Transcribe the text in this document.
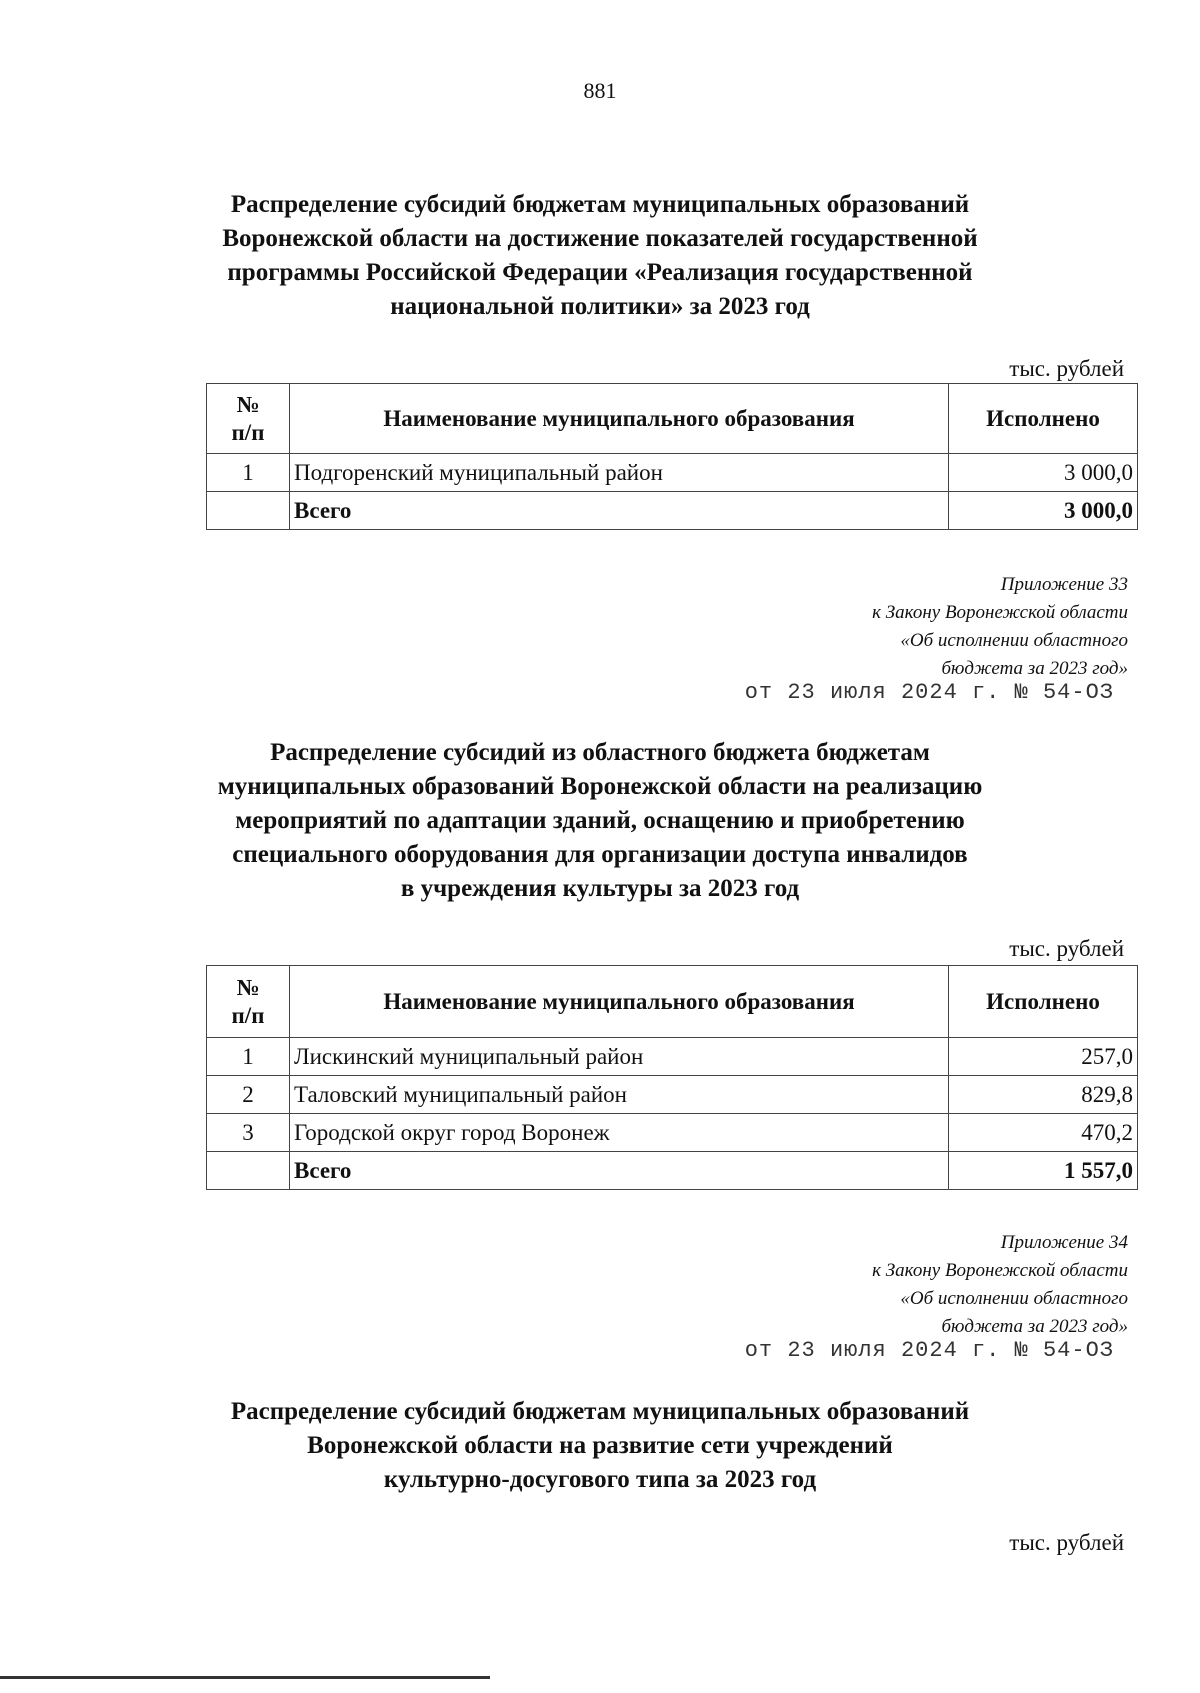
881
Распределение субсидий бюджетам муниципальных образований
Воронежской области на достижение показателей государственной
программы Российской Федерации «Реализация государственной
национальной политики» за 2023 год
тыс. рублей
№
п/п	Наименование муниципального образования	Исполнено
1	Подгоренский муниципальный район	3 000,0
	Всего	3 000,0
Приложение 33
к Закону Воронежской области
«Об исполнении областного
бюджета за 2023 год»
от 23 июля 2024 г. № 54-ОЗ
Распределение субсидий из областного бюджета бюджетам
муниципальных образований Воронежской области на реализацию
мероприятий по адаптации зданий, оснащению и приобретению
специального оборудования для организации доступа инвалидов
в учреждения культуры за 2023 год
тыс. рублей
№
п/п	Наименование муниципального образования	Исполнено
1	Лискинский муниципальный район	257,0
2	Таловский муниципальный район	829,8
3	Городской округ город Воронеж	470,2
	Всего	1 557,0
Приложение 34
к Закону Воронежской области
«Об исполнении областного
бюджета за 2023 год»
от 23 июля 2024 г. № 54-ОЗ
Распределение субсидий бюджетам муниципальных образований
Воронежской области на развитие сети учреждений
культурно-досугового типа за 2023 год
тыс. рублей
